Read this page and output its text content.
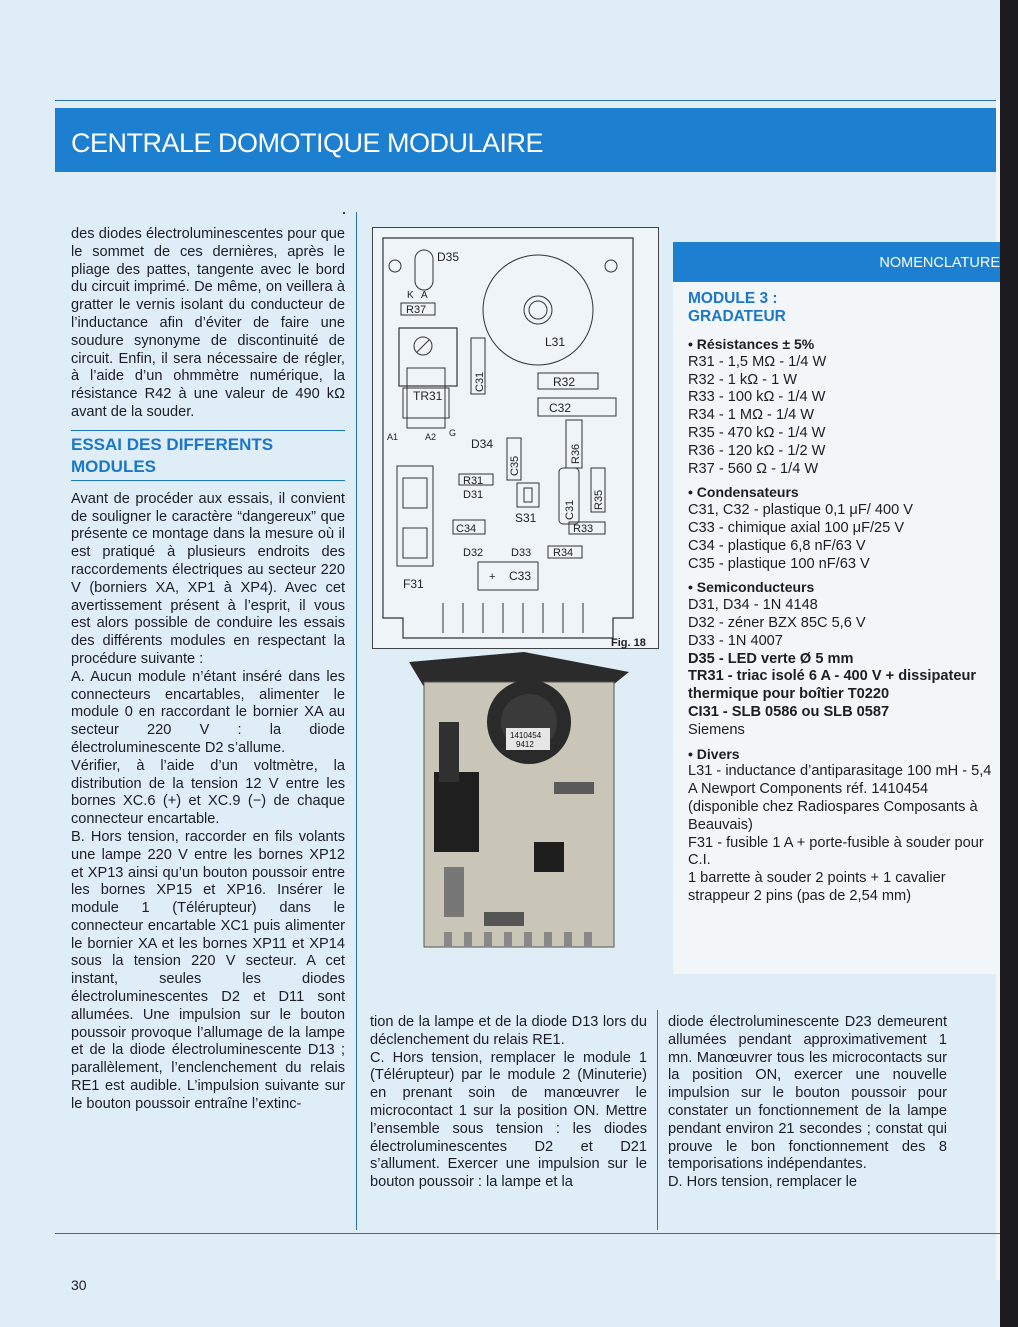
CENTRALE DOMOTIQUE MODULAIRE

des diodes électroluminescentes pour que le sommet de ces dernières, après le pliage des pattes, tangente avec le bord du circuit imprimé. De même, on veillera à gratter le vernis isolant du conducteur de l’inductance afin d’éviter de faire une soudure synonyme de discontinuité de circuit. Enfin, il sera nécessaire de régler, à l’aide d’un ohmmètre numérique, la résistance R42 à une valeur de 490 kΩ avant de la souder.

ESSAI DES DIFFERENTS MODULES

Avant de procéder aux essais, il convient de souligner le caractère “dangereux” que présente ce montage dans la mesure où il est pratiqué à plusieurs endroits des raccordements électriques au secteur 220 V (borniers XA, XP1 à XP4). Avec cet avertissement présent à l’esprit, il vous est alors possible de conduire les essais des différents modules en respectant la procédure suivante :

A. Aucun module n’étant inséré dans les connecteurs encartables, alimenter le module 0 en raccordant le bornier XA au secteur 220 V : la diode électroluminescente D2 s’allume.

Vérifier, à l’aide d’un voltmètre, la distribution de la tension 12 V entre les bornes XC.6 (+) et XC.9 (−) de chaque connecteur encartable.

B. Hors tension, raccorder en fils volants une lampe 220 V entre les bornes XP12 et XP13 ainsi qu’un bouton poussoir entre les bornes XP15 et XP16. Insérer le module 1 (Télérupteur) dans le connecteur encartable XC1 puis alimenter le bornier XA et les bornes XP11 et XP14 sous la tension 220 V secteur. A cet instant, seules les diodes électroluminescentes D2 et D11 sont allumées. Une impulsion sur le bouton poussoir provoque l’allumage de la lampe et de la diode électroluminescente D13 ; parallèlement, l’enclenchement du relais RE1 est audible. L’impulsion suivante sur le bouton poussoir entraîne l’extinc-

D35
K A
R37
L31
R32
C32
TR31
A1	A2 G
C31
D34	R36
C35
R31
D31
C31 R35
S31
C34	R33
D32	D33 R34
+ C33
F31
Fig. 18
1410454
9412
NOMENCLATURE
MODULE 3 :
GRADATEUR
• Résistances ± 5%
R31 - 1,5 MΩ - 1/4 W
R32 - 1 kΩ - 1 W
R33 - 100 kΩ - 1/4 W
R34 - 1 MΩ - 1/4 W
R35 - 470 kΩ - 1/4 W
R36 - 120 kΩ - 1/2 W
R37 - 560 Ω - 1/4 W
• Condensateurs
C31, C32 - plastique 0,1 μF/ 400 V
C33 - chimique axial 100 μF/25 V
C34 - plastique 6,8 nF/63 V
C35 - plastique 100 nF/63 V
• Semiconducteurs
D31, D34 - 1N 4148
D32 - zéner BZX 85C 5,6 V
D33 - 1N 4007
D35 - LED verte Ø 5 mm
TR31 - triac isolé 6 A - 400 V + dissipateur thermique pour boîtier T0220
CI31 - SLB 0586 ou SLB 0587
Siemens
• Divers
L31 - inductance d’antiparasitage 100 mH - 5,4 A Newport Components réf. 1410454 (disponible chez Radiospares Composants à Beauvais)
F31 - fusible 1 A + porte-fusible à souder pour C.I.
1 barrette à souder 2 points + 1 cavalier strappeur 2 pins (pas de 2,54 mm)

tion de la lampe et de la diode D13 lors du déclenchement du relais RE1.

C. Hors tension, remplacer le module 1 (Télérupteur) par le module 2 (Minuterie) en prenant soin de manœuvrer le microcontact 1 sur la position ON. Mettre l’ensemble sous tension : les diodes électroluminescentes D2 et D21 s’allument. Exercer une impulsion sur le bouton poussoir : la lampe et la

diode électroluminescente D23 demeurent allumées pendant approximativement 1 mn. Manœuvrer tous les microcontacts sur la position ON, exercer une nouvelle impulsion sur le bouton poussoir pour constater un fonctionnement de la lampe pendant environ 21 secondes ; constat qui prouve le bon fonctionnement des 8 temporisations indépendantes.

D. Hors tension, remplacer le

30
